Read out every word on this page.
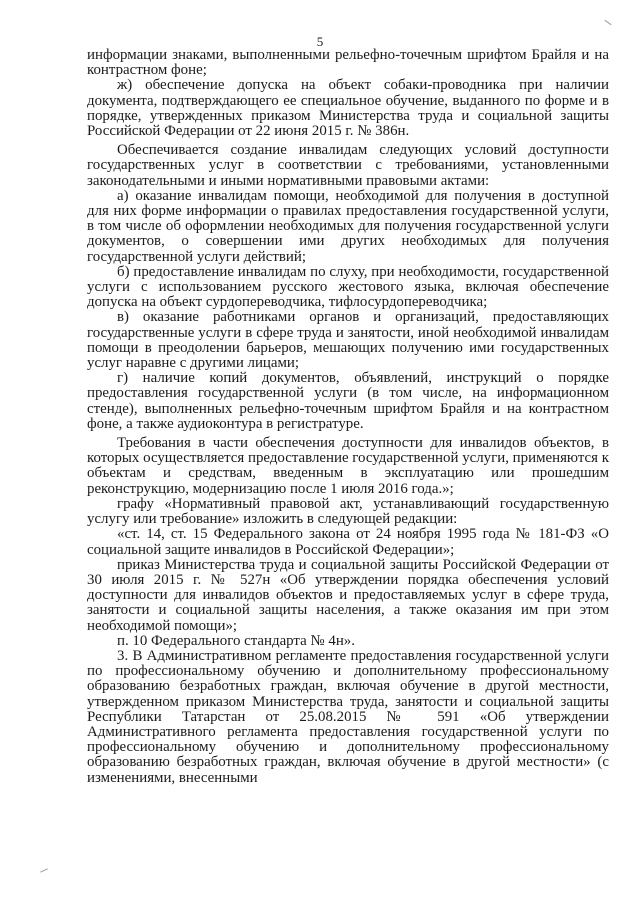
5

информации знаками, выполненными рельефно-точечным шрифтом Брайля и на контрастном фоне;

ж) обеспечение допуска на объект собаки-проводника при наличии документа, подтверждающего ее специальное обучение, выданного по форме и в порядке, утвержденных приказом Министерства труда и социальной защиты Российской Федерации от 22 июня 2015 г. № 386н.

Обеспечивается создание инвалидам следующих условий доступности государственных услуг в соответствии с требованиями, установленными законодательными и иными нормативными правовыми актами:

а) оказание инвалидам помощи, необходимой для получения в доступной для них форме информации о правилах предоставления государственной услуги, в том числе об оформлении необходимых для получения государственной услуги документов, о совершении ими других необходимых для получения государственной услуги действий;

б) предоставление инвалидам по слуху, при необходимости, государственной услуги с использованием русского жестового языка, включая обеспечение допуска на объект сурдопереводчика, тифлосурдопереводчика;

в) оказание работниками органов и организаций, предоставляющих государственные услуги в сфере труда и занятости, иной необходимой инвалидам помощи в преодолении барьеров, мешающих получению ими государственных услуг наравне с другими лицами;

г) наличие копий документов, объявлений, инструкций о порядке предоставления государственной услуги (в том числе, на информационном стенде), выполненных рельефно-точечным шрифтом Брайля и на контрастном фоне, а также аудиоконтура в регистратуре.

Требования в части обеспечения доступности для инвалидов объектов, в которых осуществляется предоставление государственной услуги, применяются к объектам и средствам, введенным в эксплуатацию или прошедшим реконструкцию, модернизацию после 1 июля 2016 года.»;

графу «Нормативный правовой акт, устанавливающий государственную услугу или требование» изложить в следующей редакции:

«ст. 14, ст. 15 Федерального закона от 24 ноября 1995 года № 181-ФЗ «О социальной защите инвалидов в Российской Федерации»;

приказ Министерства труда и социальной защиты Российской Федерации от 30 июля 2015 г. № 527н «Об утверждении порядка обеспечения условий доступности для инвалидов объектов и предоставляемых услуг в сфере труда, занятости и социальной защиты населения, а также оказания им при этом необходимой помощи»;

п. 10 Федерального стандарта № 4н».

3. В Административном регламенте предоставления государственной услуги по профессиональному обучению и дополнительному профессиональному образованию безработных граждан, включая обучение в другой местности, утвержденном приказом Министерства труда, занятости и социальной защиты Республики Татарстан от 25.08.2015 № 591 «Об утверждении Административного регламента предоставления государственной услуги по профессиональному обучению и дополнительному профессиональному образованию безработных граждан, включая обучение в другой местности» (с изменениями, внесенными
